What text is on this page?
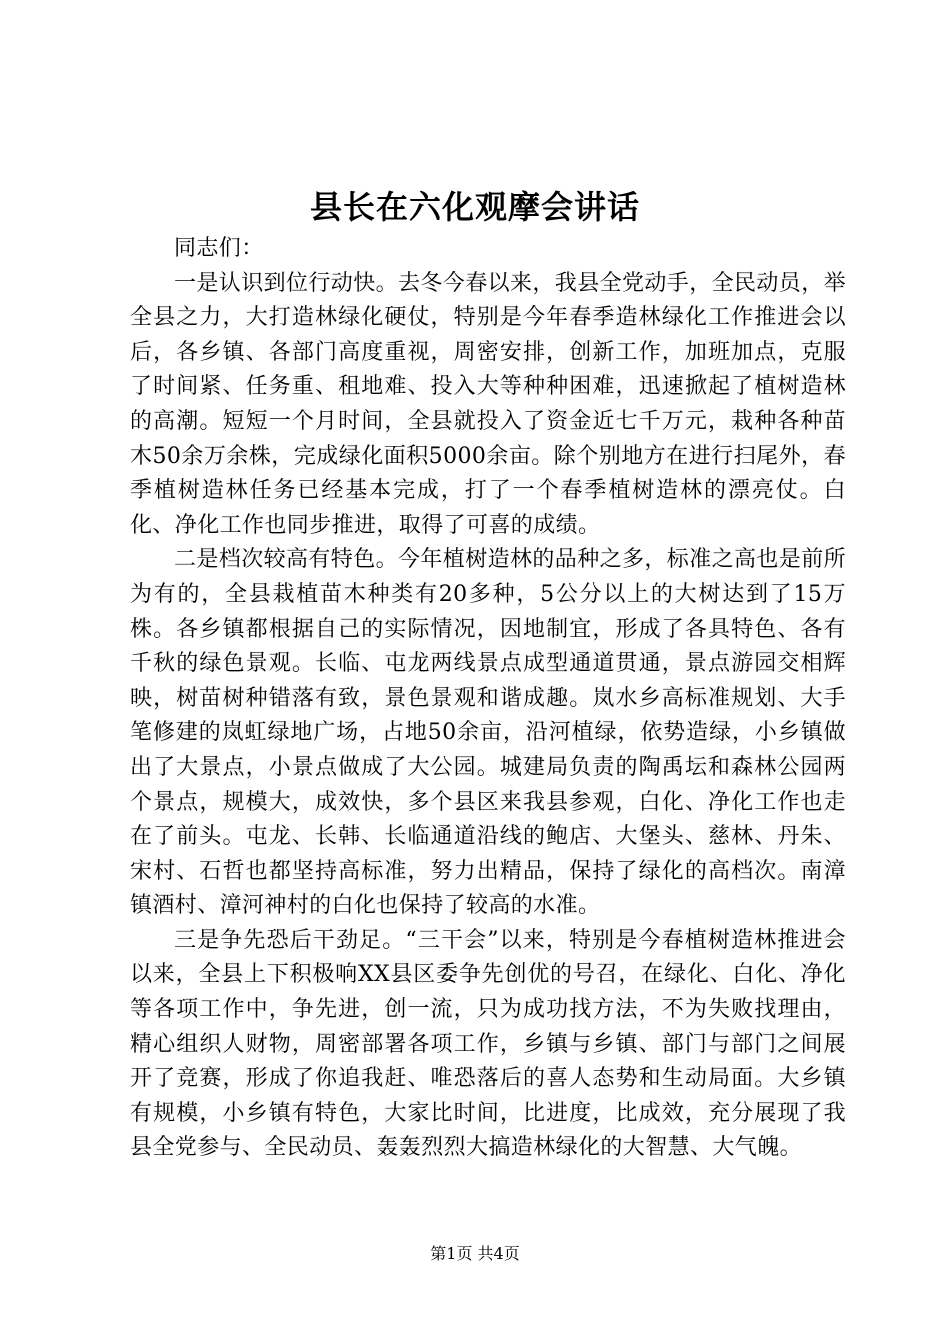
县长在六化观摩会讲话

同志们：

一是认识到位行动快。去冬今春以来，我县全党动手，全民动员，举全县之力，大打造林绿化硬仗，特别是今年春季造林绿化工作推进会以后，各乡镇、各部门高度重视，周密安排，创新工作，加班加点，克服了时间紧、任务重、租地难、投入大等种种困难，迅速掀起了植树造林的高潮。短短一个月时间，全县就投入了资金近七千万元，栽种各种苗木50余万余株，完成绿化面积5000余亩。除个别地方在进行扫尾外，春季植树造林任务已经基本完成，打了一个春季植树造林的漂亮仗。白化、净化工作也同步推进，取得了可喜的成绩。

二是档次较高有特色。今年植树造林的品种之多，标准之高也是前所为有的，全县栽植苗木种类有20多种，5公分以上的大树达到了15万株。各乡镇都根据自己的实际情况，因地制宜，形成了各具特色、各有千秋的绿色景观。长临、屯龙两线景点成型通道贯通，景点游园交相辉映，树苗树种错落有致，景色景观和谐成趣。岚水乡高标准规划、大手笔修建的岚虹绿地广场，占地50余亩，沿河植绿，依势造绿，小乡镇做出了大景点，小景点做成了大公园。城建局负责的陶禹坛和森林公园两个景点，规模大，成效快，多个县区来我县参观，白化、净化工作也走在了前头。屯龙、长韩、长临通道沿线的鲍店、大堡头、慈林、丹朱、宋村、石哲也都坚持高标准，努力出精品，保持了绿化的高档次。南漳镇酒村、漳河神村的白化也保持了较高的水准。

三是争先恐后干劲足。“三干会”以来，特别是今春植树造林推进会以来，全县上下积极响XX县区委争先创优的号召，在绿化、白化、净化等各项工作中，争先进，创一流，只为成功找方法，不为失败找理由，精心组织人财物，周密部署各项工作，乡镇与乡镇、部门与部门之间展开了竞赛，形成了你追我赶、唯恐落后的喜人态势和生动局面。大乡镇有规模，小乡镇有特色，大家比时间，比进度，比成效，充分展现了我县全党参与、全民动员、轰轰烈烈大搞造林绿化的大智慧、大气魄。

第1页 共4页
